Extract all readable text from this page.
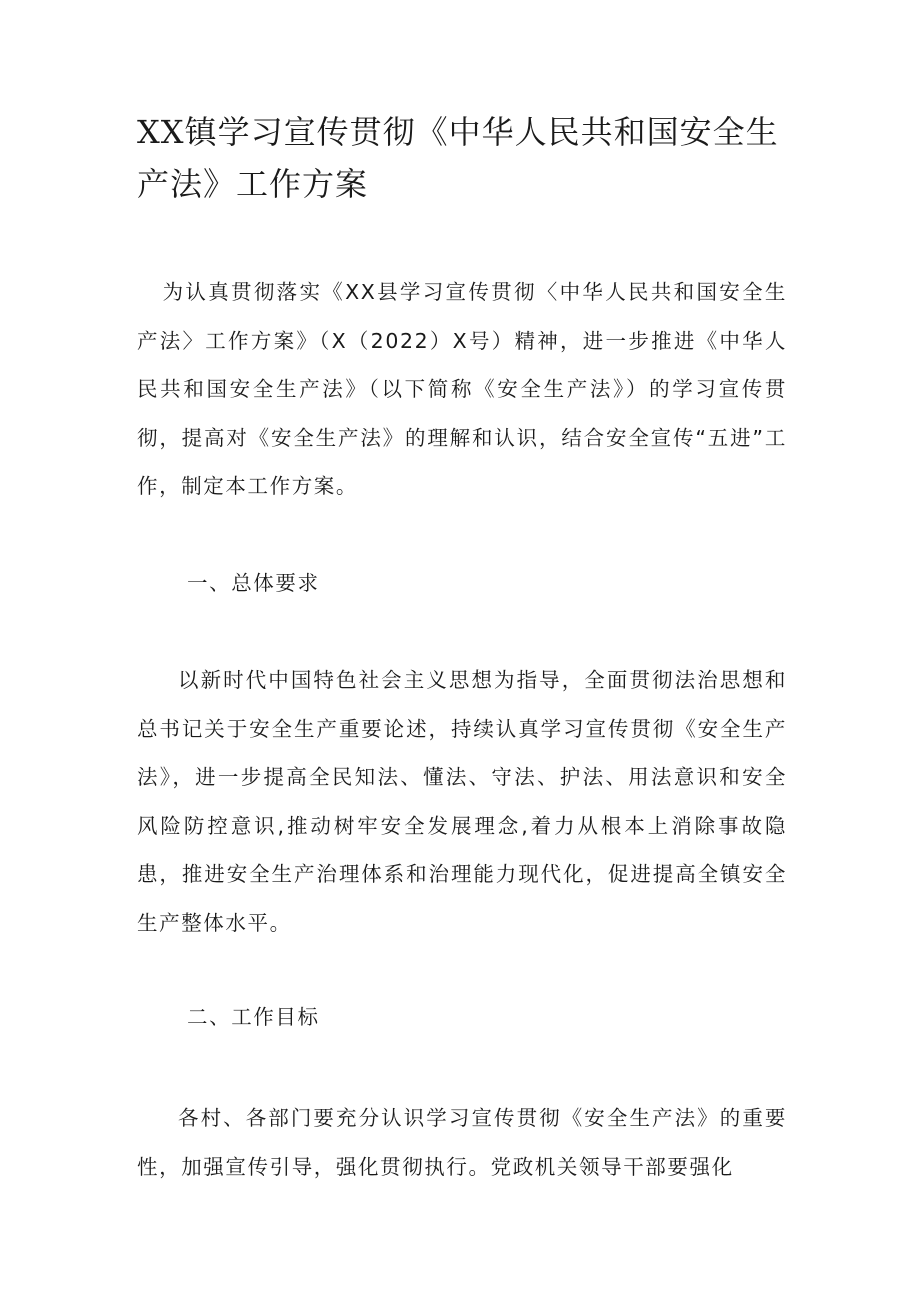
XX镇学习宣传贯彻《中华人民共和国安全生产法》工作方案

为认真贯彻落实《XX县学习宣传贯彻〈中华人民共和国安全生产法〉工作方案》（X（2022）X号）精神，进一步推进《中华人民共和国安全生产法》（以下简称《安全生产法》）的学习宣传贯彻，提高对《安全生产法》的理解和认识，结合安全宣传“五进”工作，制定本工作方案。

一、总体要求

以新时代中国特色社会主义思想为指导，全面贯彻法治思想和总书记关于安全生产重要论述，持续认真学习宣传贯彻《安全生产法》，进一步提高全民知法、懂法、守法、护法、用法意识和安全风险防控意识,推动树牢安全发展理念,着力从根本上消除事故隐患，推进安全生产治理体系和治理能力现代化，促进提高全镇安全生产整体水平。

二、工作目标

各村、各部门要充分认识学习宣传贯彻《安全生产法》的重要性，加强宣传引导，强化贯彻执行。党政机关领导干部要强化
